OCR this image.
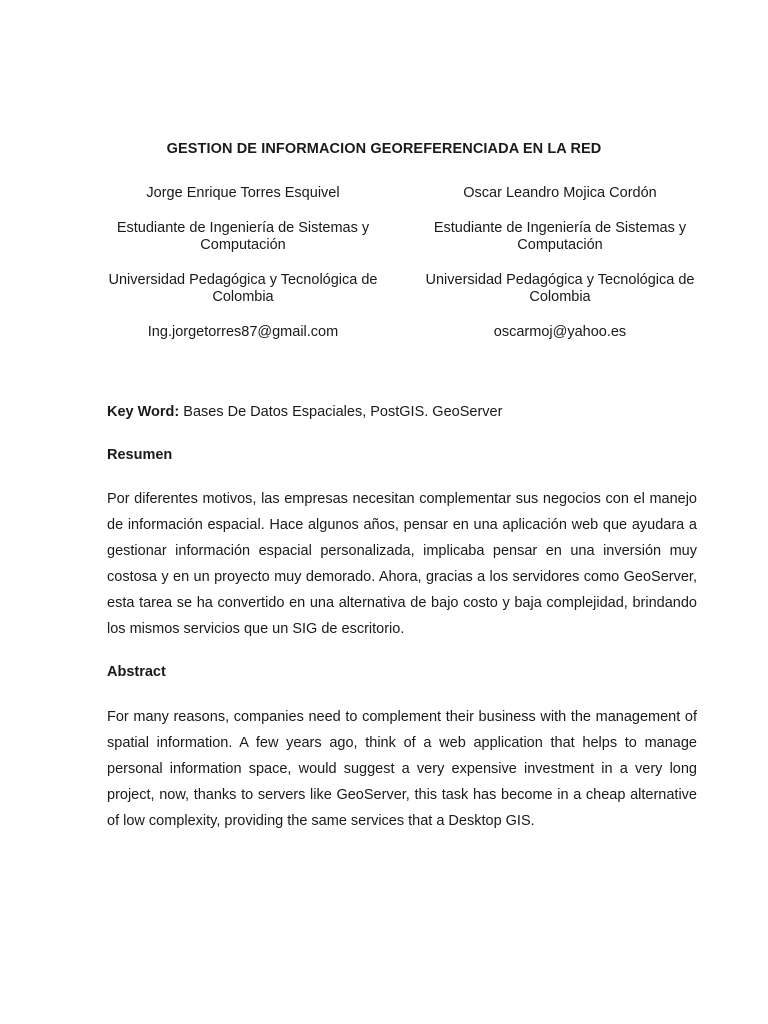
GESTION DE INFORMACION GEOREFERENCIADA EN LA RED

Jorge Enrique Torres Esquivel

Estudiante de Ingeniería de Sistemas y Computación

Universidad Pedagógica y Tecnológica de Colombia

Ing.jorgetorres87@gmail.com

Oscar Leandro Mojica Cordón

Estudiante de Ingeniería de Sistemas y Computación

Universidad Pedagógica y Tecnológica de Colombia

oscarmoj@yahoo.es

Key Word: Bases De Datos Espaciales, PostGIS. GeoServer
Resumen

Por diferentes motivos, las empresas necesitan complementar sus negocios con el manejo de información espacial. Hace algunos años, pensar en una aplicación web que ayudara a gestionar información espacial personalizada, implicaba pensar en una inversión muy costosa y en un proyecto muy demorado. Ahora, gracias a los servidores como GeoServer, esta tarea se ha convertido en una alternativa de bajo costo y baja complejidad, brindando los mismos servicios que un SIG de escritorio.

Abstract

For many reasons, companies need to complement their business with the management of spatial information. A few years ago, think of a web application that helps to manage personal information space, would suggest a very expensive investment in a very long project, now, thanks to servers like GeoServer, this task has become in a cheap alternative of low complexity, providing the same services that a Desktop GIS.
